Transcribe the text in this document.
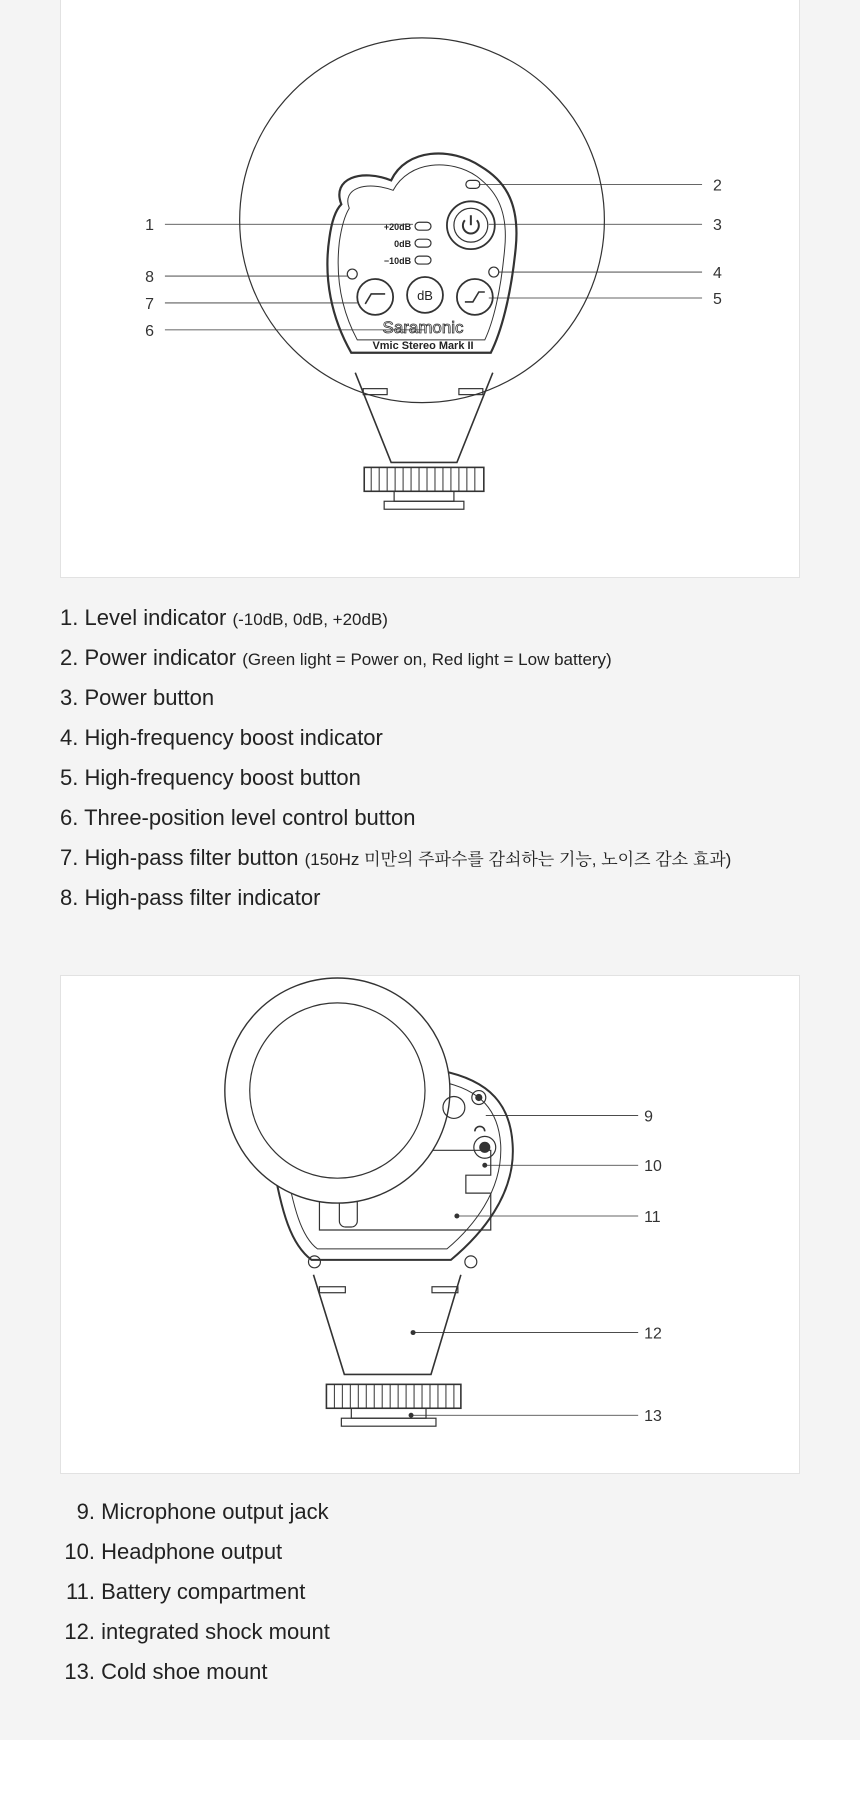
+20dB
0dB
−10dB
dB
Saramonic
Vmic Stereo Mark II
1
2
3
4
5
6
7
8
1. Level indicator (-10dB, 0dB, +20dB)
2. Power indicator (Green light = Power on, Red light = Low battery)
3. Power button
4. High-frequency boost indicator
5. High-frequency boost button
6. Three-position level control button
7. High-pass filter button (150Hz 미만의 주파수를 감쇠하는 기능, 노이즈 감소 효과)
8. High-pass filter indicator
9
10
11
12
13
9. Microphone output jack
10. Headphone output
11. Battery compartment
12. integrated shock mount
13. Cold shoe mount
